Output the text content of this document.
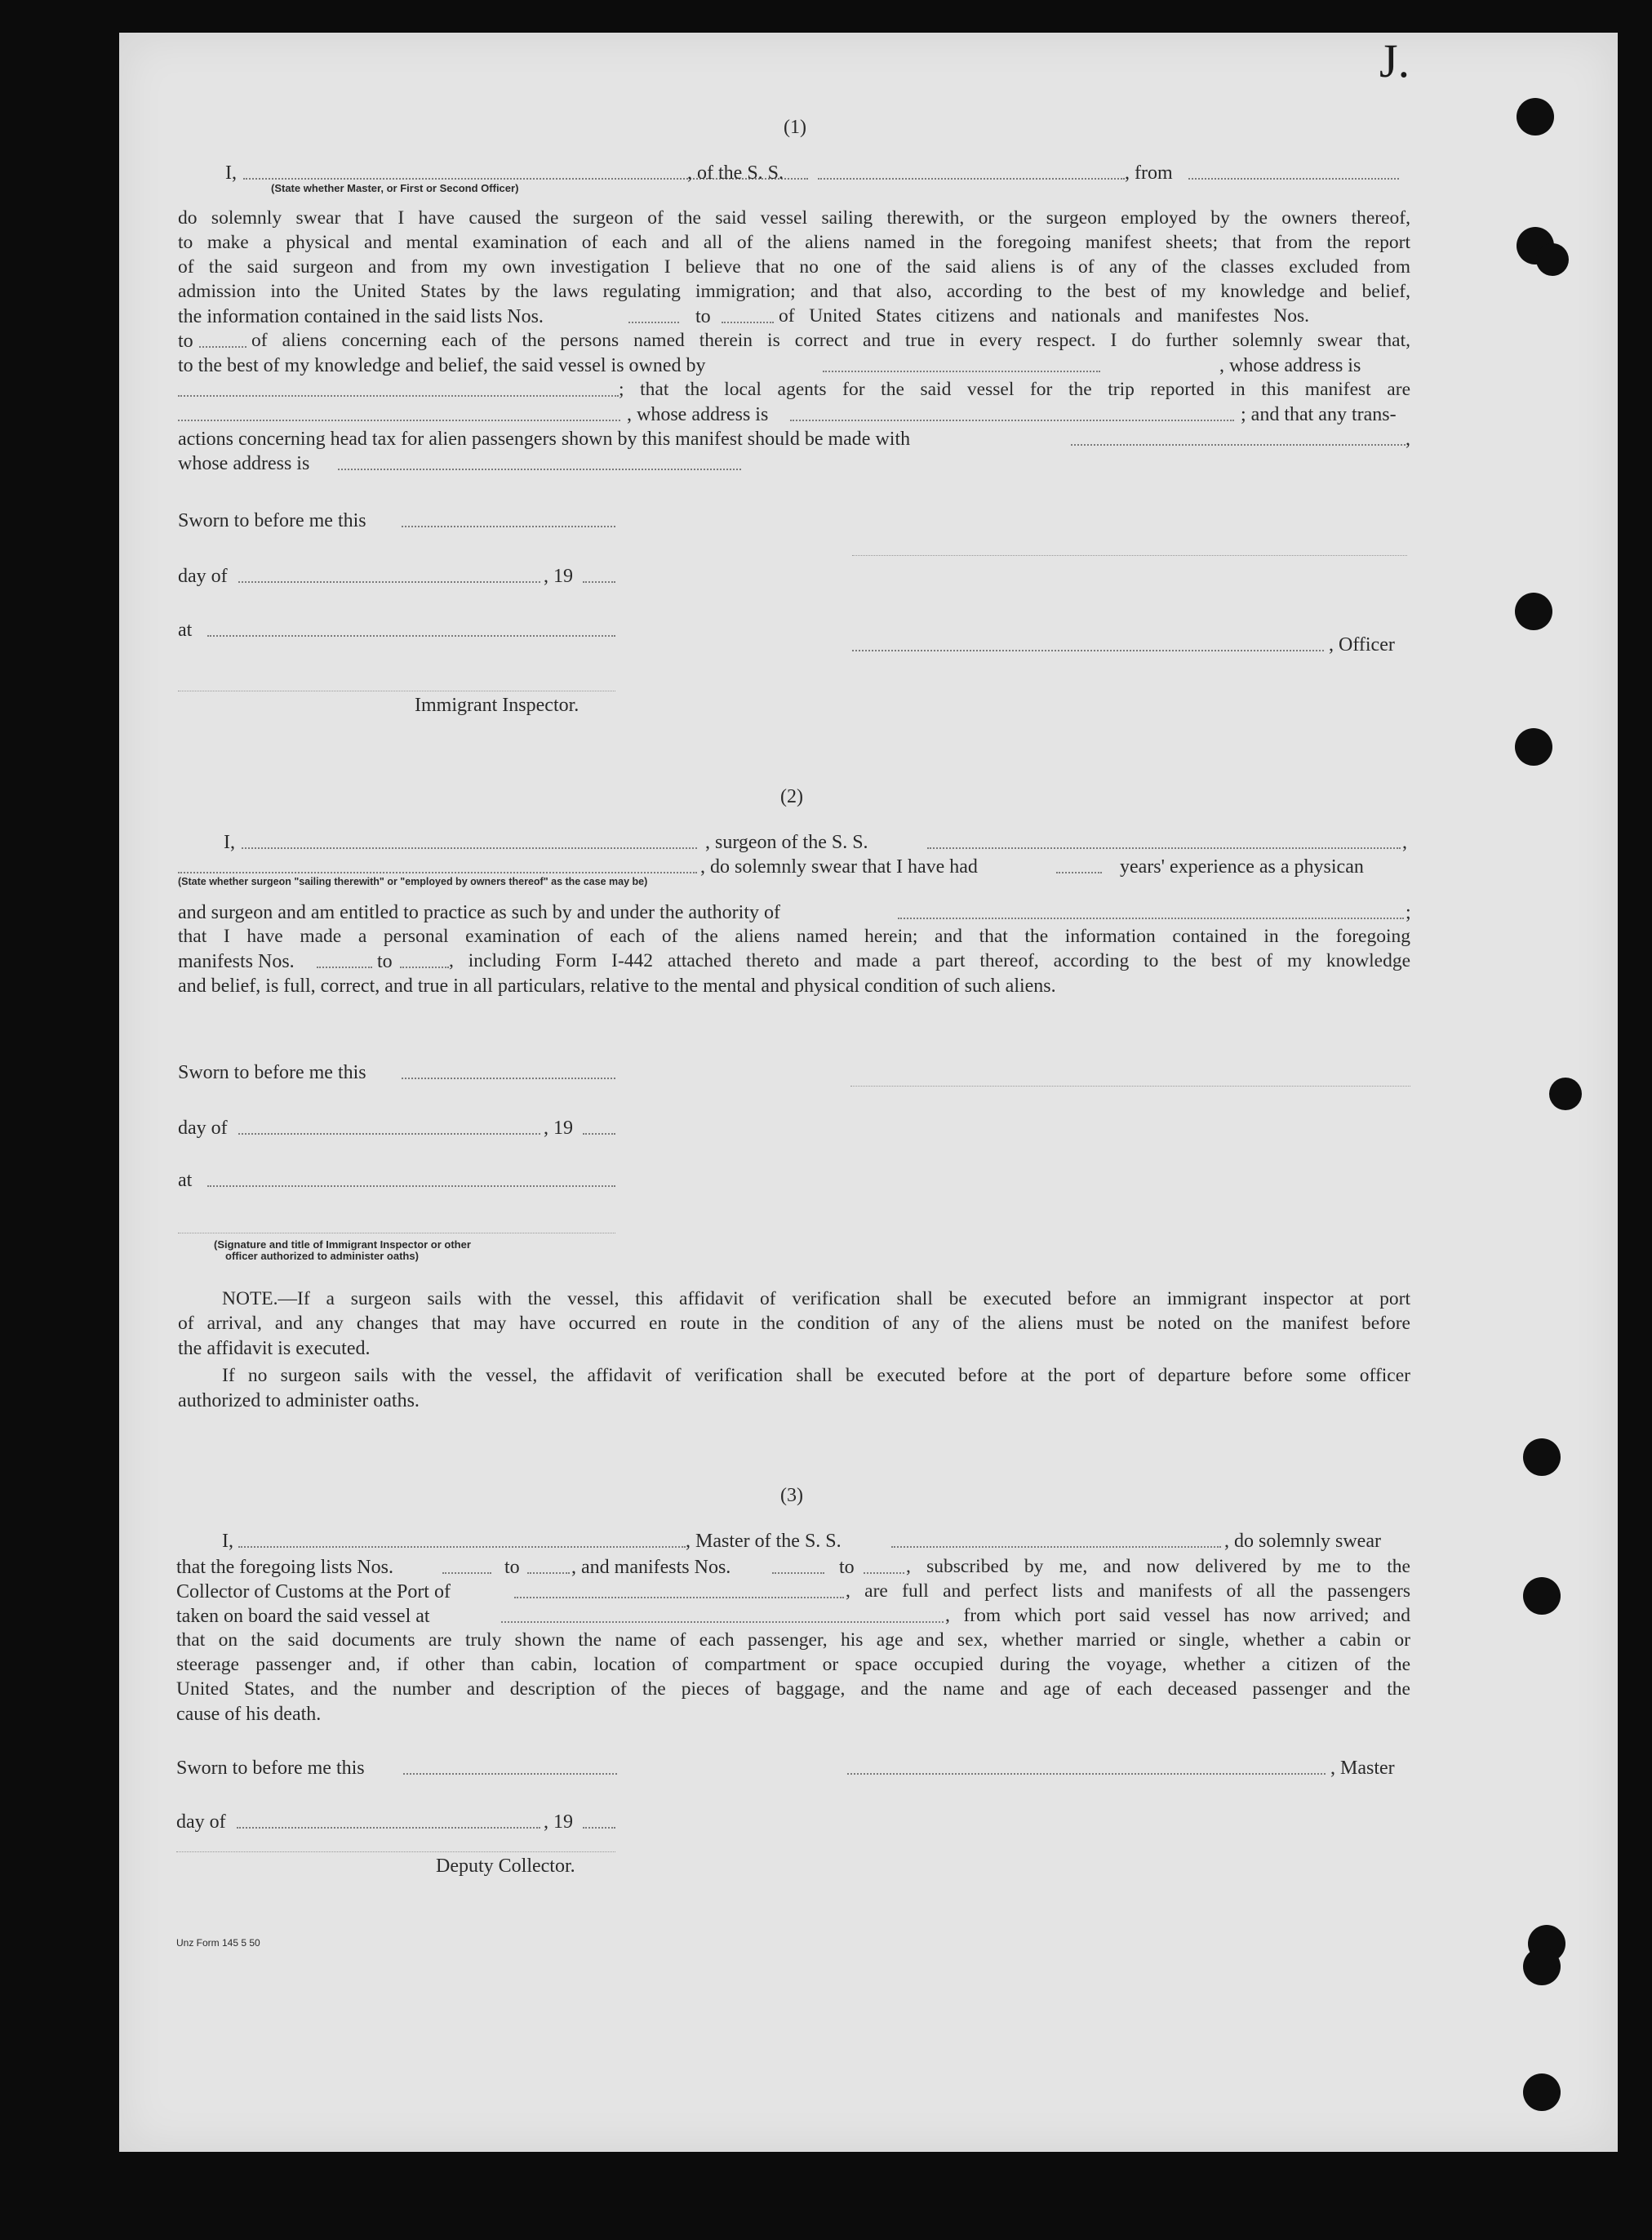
J.
(1)
I,	, of the S. S.	, from
(State whether Master, or First or Second Officer)
do solemnly swear that I have caused the surgeon of the said vessel sailing therewith, or the surgeon employed by the owners thereof,
to make a physical and mental examination of each and all of the aliens named in the foregoing manifest sheets; that from the report
of the said surgeon and from my own investigation I believe that no one of the said aliens is of any of the classes excluded from
admission into the United States by the laws regulating immigration; and that also, according to the best of my knowledge and belief,
the information contained in the said lists Nos.	to	of United States citizens and nationals and manifestes Nos.
to	of aliens concerning each of the persons named therein is correct and true in every respect. I do further solemnly swear that,
to the best of my knowledge and belief, the said vessel is owned by	, whose address is
; that the local agents for the said vessel for the trip reported in this manifest are
, whose address is	; and that any trans-
actions concerning head tax for alien passengers shown by this manifest should be made with	,
whose address is
Sworn to before me this
day of	, 19
at
, Officer
Immigrant Inspector.
(2)
I,	, surgeon of the S. S.	,
, do solemnly swear that I have had	years' experience as a physican
(State whether surgeon "sailing therewith" or "employed by owners thereof" as the case may be)
and surgeon and am entitled to practice as such by and under the authority of	;
that I have made a personal examination of each of the aliens named herein; and that the information contained in the foregoing
manifests Nos.	to	, including Form I-442 attached thereto and made a part thereof, according to the best of my knowledge
and belief, is full, correct, and true in all particulars, relative to the mental and physical condition of such aliens.
Sworn to before me this
day of	, 19
at
(Signature and title of Immigrant Inspector or other
officer authorized to administer oaths)
NOTE.—If a surgeon sails with the vessel, this affidavit of verification shall be executed before an immigrant inspector at port
of arrival, and any changes that may have occurred en route in the condition of any of the aliens must be noted on the manifest before
the affidavit is executed.
If no surgeon sails with the vessel, the affidavit of verification shall be executed before at the port of departure before some officer
authorized to administer oaths.
(3)
I,	, Master of the S. S.	, do solemnly swear
that the foregoing lists Nos.	to	, and manifests Nos.	to	, subscribed by me, and now delivered by me to the
Collector of Customs at the Port of	, are full and perfect lists and manifests of all the passengers
taken on board the said vessel at	, from which port said vessel has now arrived; and
that on the said documents are truly shown the name of each passenger, his age and sex, whether married or single, whether a cabin or
steerage passenger and, if other than cabin, location of compartment or space occupied during the voyage, whether a citizen of the
United States, and the number and description of the pieces of baggage, and the name and age of each deceased passenger and the
cause of his death.
Sworn to before me this	, Master
day of	, 19
Deputy Collector.
Unz Form 145 5 50
